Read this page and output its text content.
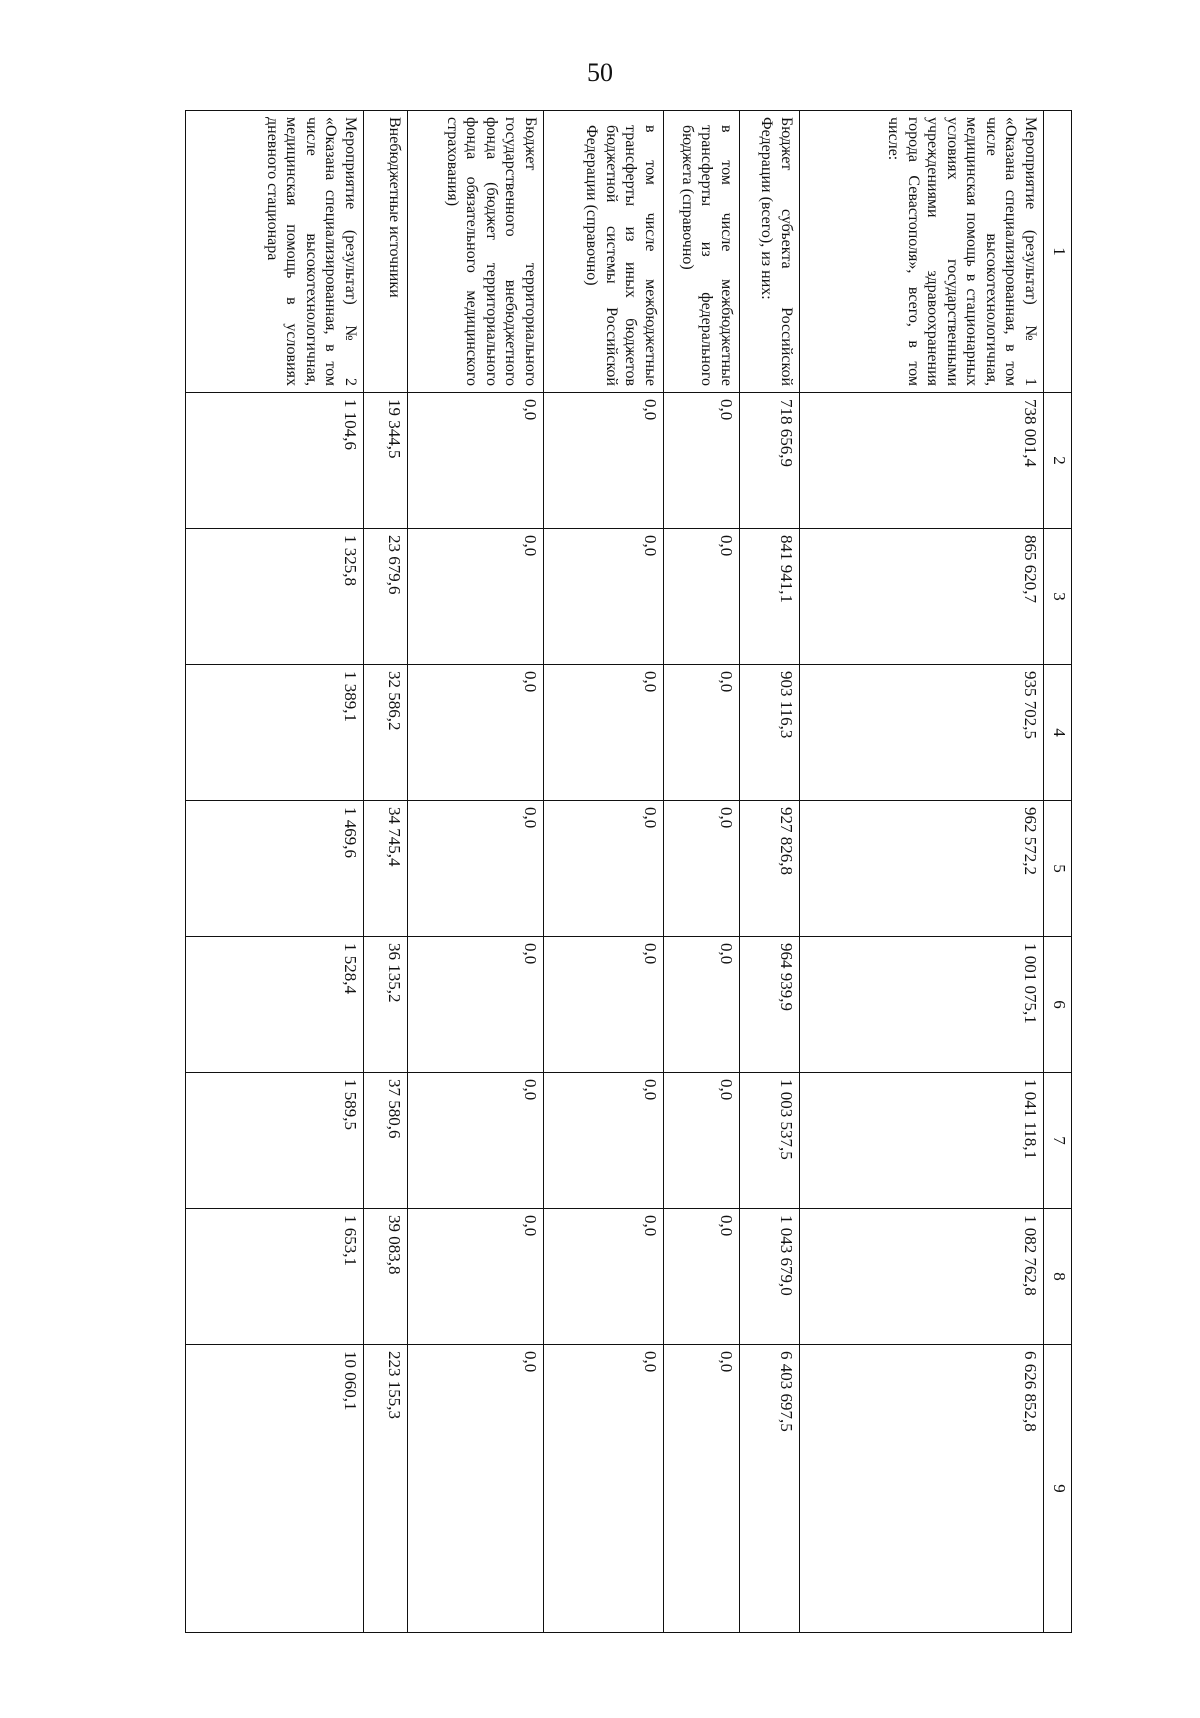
50
1	2	3	4	5	6	7	8	9
Мероприятие (результат) № 1 «Оказана специализированная, в том числе высокотехнологичная, медицинская помощь в стационарных условиях государственными учреждениями здравоохранения города Севастополя», всего, в том числе:	738 001,4	865 620,7	935 702,5	962 572,2	1 001 075,1	1 041 118,1	1 082 762,8	6 626 852,8
Бюджет субъекта Российской Федерации (всего), из них:	718 656,9	841 941,1	903 116,3	927 826,8	964 939,9	1 003 537,5	1 043 679,0	6 403 697,5
в том числе межбюджетные трансферты из федерального бюджета (справочно)	0,0	0,0	0,0	0,0	0,0	0,0	0,0	0,0
в том числе межбюджетные трансферты из иных бюджетов бюджетной системы Российской Федерации (справочно)	0,0	0,0	0,0	0,0	0,0	0,0	0,0	0,0
Бюджет территориального государственного внебюджетного фонда (бюджет территориального фонда обязательного медицинского страхования)	0,0	0,0	0,0	0,0	0,0	0,0	0,0	0,0
Внебюджетные источники	19 344,5	23 679,6	32 586,2	34 745,4	36 135,2	37 580,6	39 083,8	223 155,3
Мероприятие (результат) № 2 «Оказана специализированная, в том числе высокотехнологичная, медицинская помощь в условиях дневного стационара	1 104,6	1 325,8	1 389,1	1 469,6	1 528,4	1 589,5	1 653,1	10 060,1
